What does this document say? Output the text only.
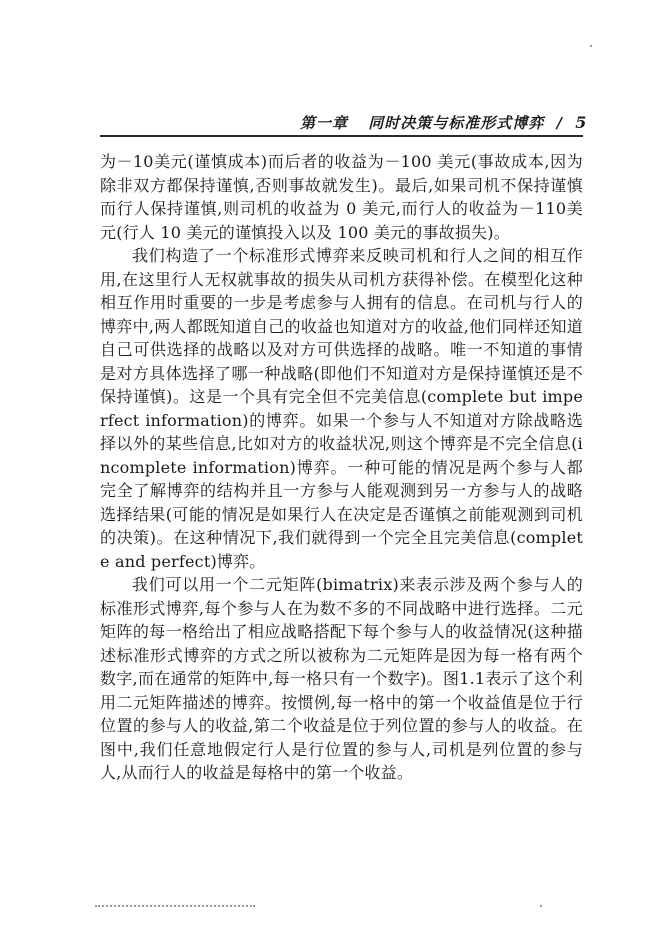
第一章 同时决策与标准形式博弈 / 5

为－10美元(谨慎成本)而后者的收益为－100 美元(事故成本,因为除非双方都保持谨慎,否则事故就发生)。最后,如果司机不保持谨慎而行人保持谨慎,则司机的收益为 0 美元,而行人的收益为－110美元(行人 10 美元的谨慎投入以及 100 美元的事故损失)。

我们构造了一个标准形式博弈来反映司机和行人之间的相互作用,在这里行人无权就事故的损失从司机方获得补偿。在模型化这种相互作用时重要的一步是考虑参与人拥有的信息。在司机与行人的博弈中,两人都既知道自己的收益也知道对方的收益,他们同样还知道自己可供选择的战略以及对方可供选择的战略。唯一不知道的事情是对方具体选择了哪一种战略(即他们不知道对方是保持谨慎还是不保持谨慎)。这是一个具有完全但不完美信息(complete but imperfect information)的博弈。如果一个参与人不知道对方除战略选择以外的某些信息,比如对方的收益状况,则这个博弈是不完全信息(incomplete information)博弈。一种可能的情况是两个参与人都完全了解博弈的结构并且一方参与人能观测到另一方参与人的战略选择结果(可能的情况是如果行人在决定是否谨慎之前能观测到司机的决策)。在这种情况下,我们就得到一个完全且完美信息(complete and perfect)博弈。

我们可以用一个二元矩阵(bimatrix)来表示涉及两个参与人的标准形式博弈,每个参与人在为数不多的不同战略中进行选择。二元矩阵的每一格给出了相应战略搭配下每个参与人的收益情况(这种描述标准形式博弈的方式之所以被称为二元矩阵是因为每一格有两个数字,而在通常的矩阵中,每一格只有一个数字)。图1.1表示了这个利用二元矩阵描述的博弈。按惯例,每一格中的第一个收益值是位于行位置的参与人的收益,第二个收益是位于列位置的参与人的收益。在图中,我们任意地假定行人是行位置的参与人,司机是列位置的参与人,从而行人的收益是每格中的第一个收益。
